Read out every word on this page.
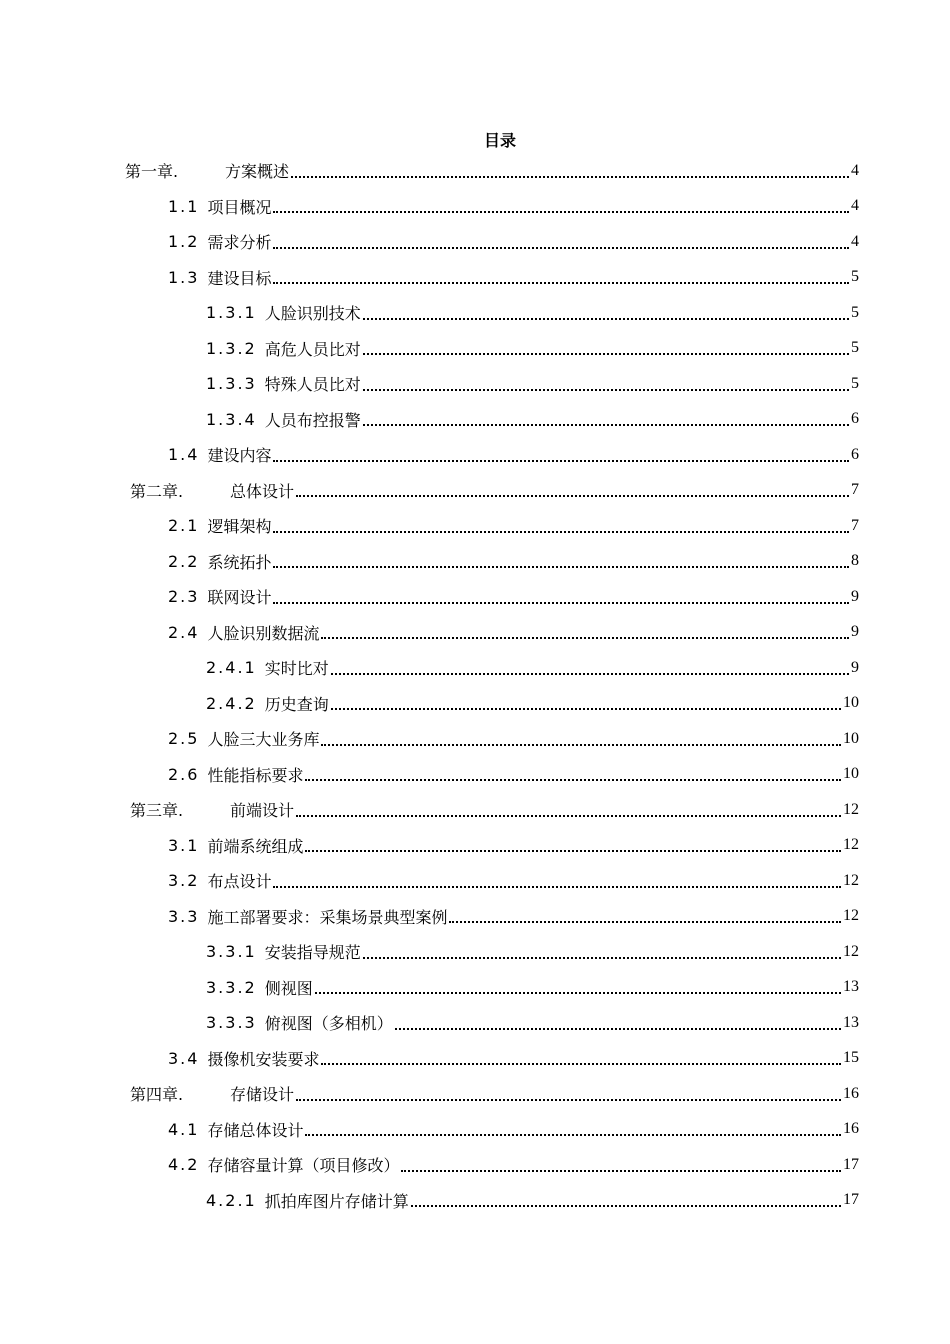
目录
第一章.	方案概述	4
1.1 项目概况	4
1.2 需求分析	4
1.3 建设目标	5
1.3.1 人脸识别技术	5
1.3.2 高危人员比对	5
1.3.3 特殊人员比对	5
1.3.4 人员布控报警	6
1.4 建设内容	6
第二章.	总体设计	7
2.1 逻辑架构	7
2.2 系统拓扑	8
2.3 联网设计	9
2.4 人脸识别数据流	9
2.4.1 实时比对	9
2.4.2 历史查询	10
2.5 人脸三大业务库	10
2.6 性能指标要求	10
第三章.	前端设计	12
3.1 前端系统组成	12
3.2 布点设计	12
3.3 施工部署要求：采集场景典型案例	12
3.3.1 安装指导规范	12
3.3.2 侧视图	13
3.3.3 俯视图（多相机）	13
3.4 摄像机安装要求	15
第四章.	存储设计	16
4.1 存储总体设计	16
4.2 存储容量计算（项目修改）	17
4.2.1 抓拍库图片存储计算	17
